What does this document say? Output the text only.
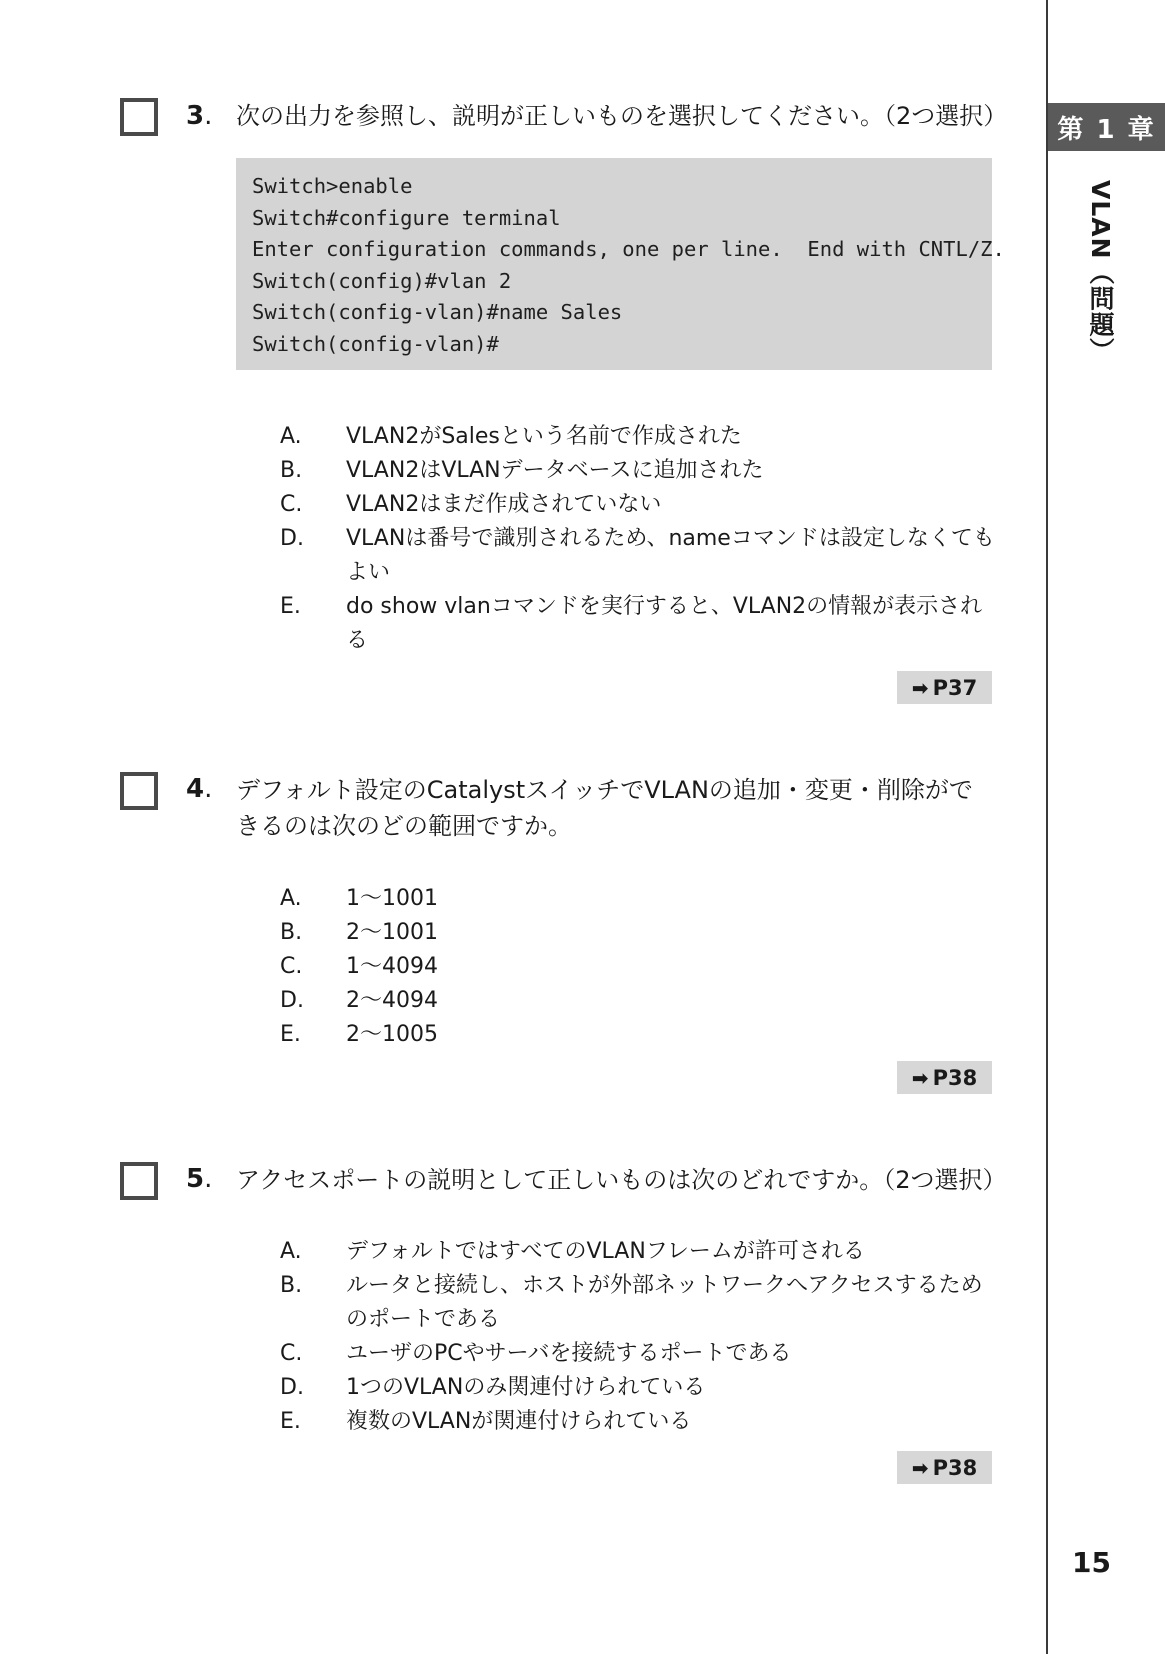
第 1 章
VLAN（問題）
15
3. 次の出力を参照し、説明が正しいものを選択してください。（2つ選択）
Switch>enable
Switch#configure terminal
Enter configuration commands, one per line.  End with CNTL/Z.
Switch(config)#vlan 2
Switch(config-vlan)#name Sales
Switch(config-vlan)#
A.	VLAN2がSalesという名前で作成された
B.	VLAN2はVLANデータベースに追加された
C.	VLAN2はまだ作成されていない
D.	VLANは番号で識別されるため、nameコマンドは設定しなくてもよい
E.	do show vlanコマンドを実行すると、VLAN2の情報が表示される
➡ P37
4. デフォルト設定のCatalystスイッチでVLANの追加・変更・削除ができるのは次のどの範囲ですか。
A.	1〜1001
B.	2〜1001
C.	1〜4094
D.	2〜4094
E.	2〜1005
➡ P38
5. アクセスポートの説明として正しいものは次のどれですか。（2つ選択）
A.	デフォルトではすべてのVLANフレームが許可される
B.	ルータと接続し、ホストが外部ネットワークへアクセスするためのポートである
C.	ユーザのPCやサーバを接続するポートである
D.	1つのVLANのみ関連付けられている
E.	複数のVLANが関連付けられている
➡ P38
